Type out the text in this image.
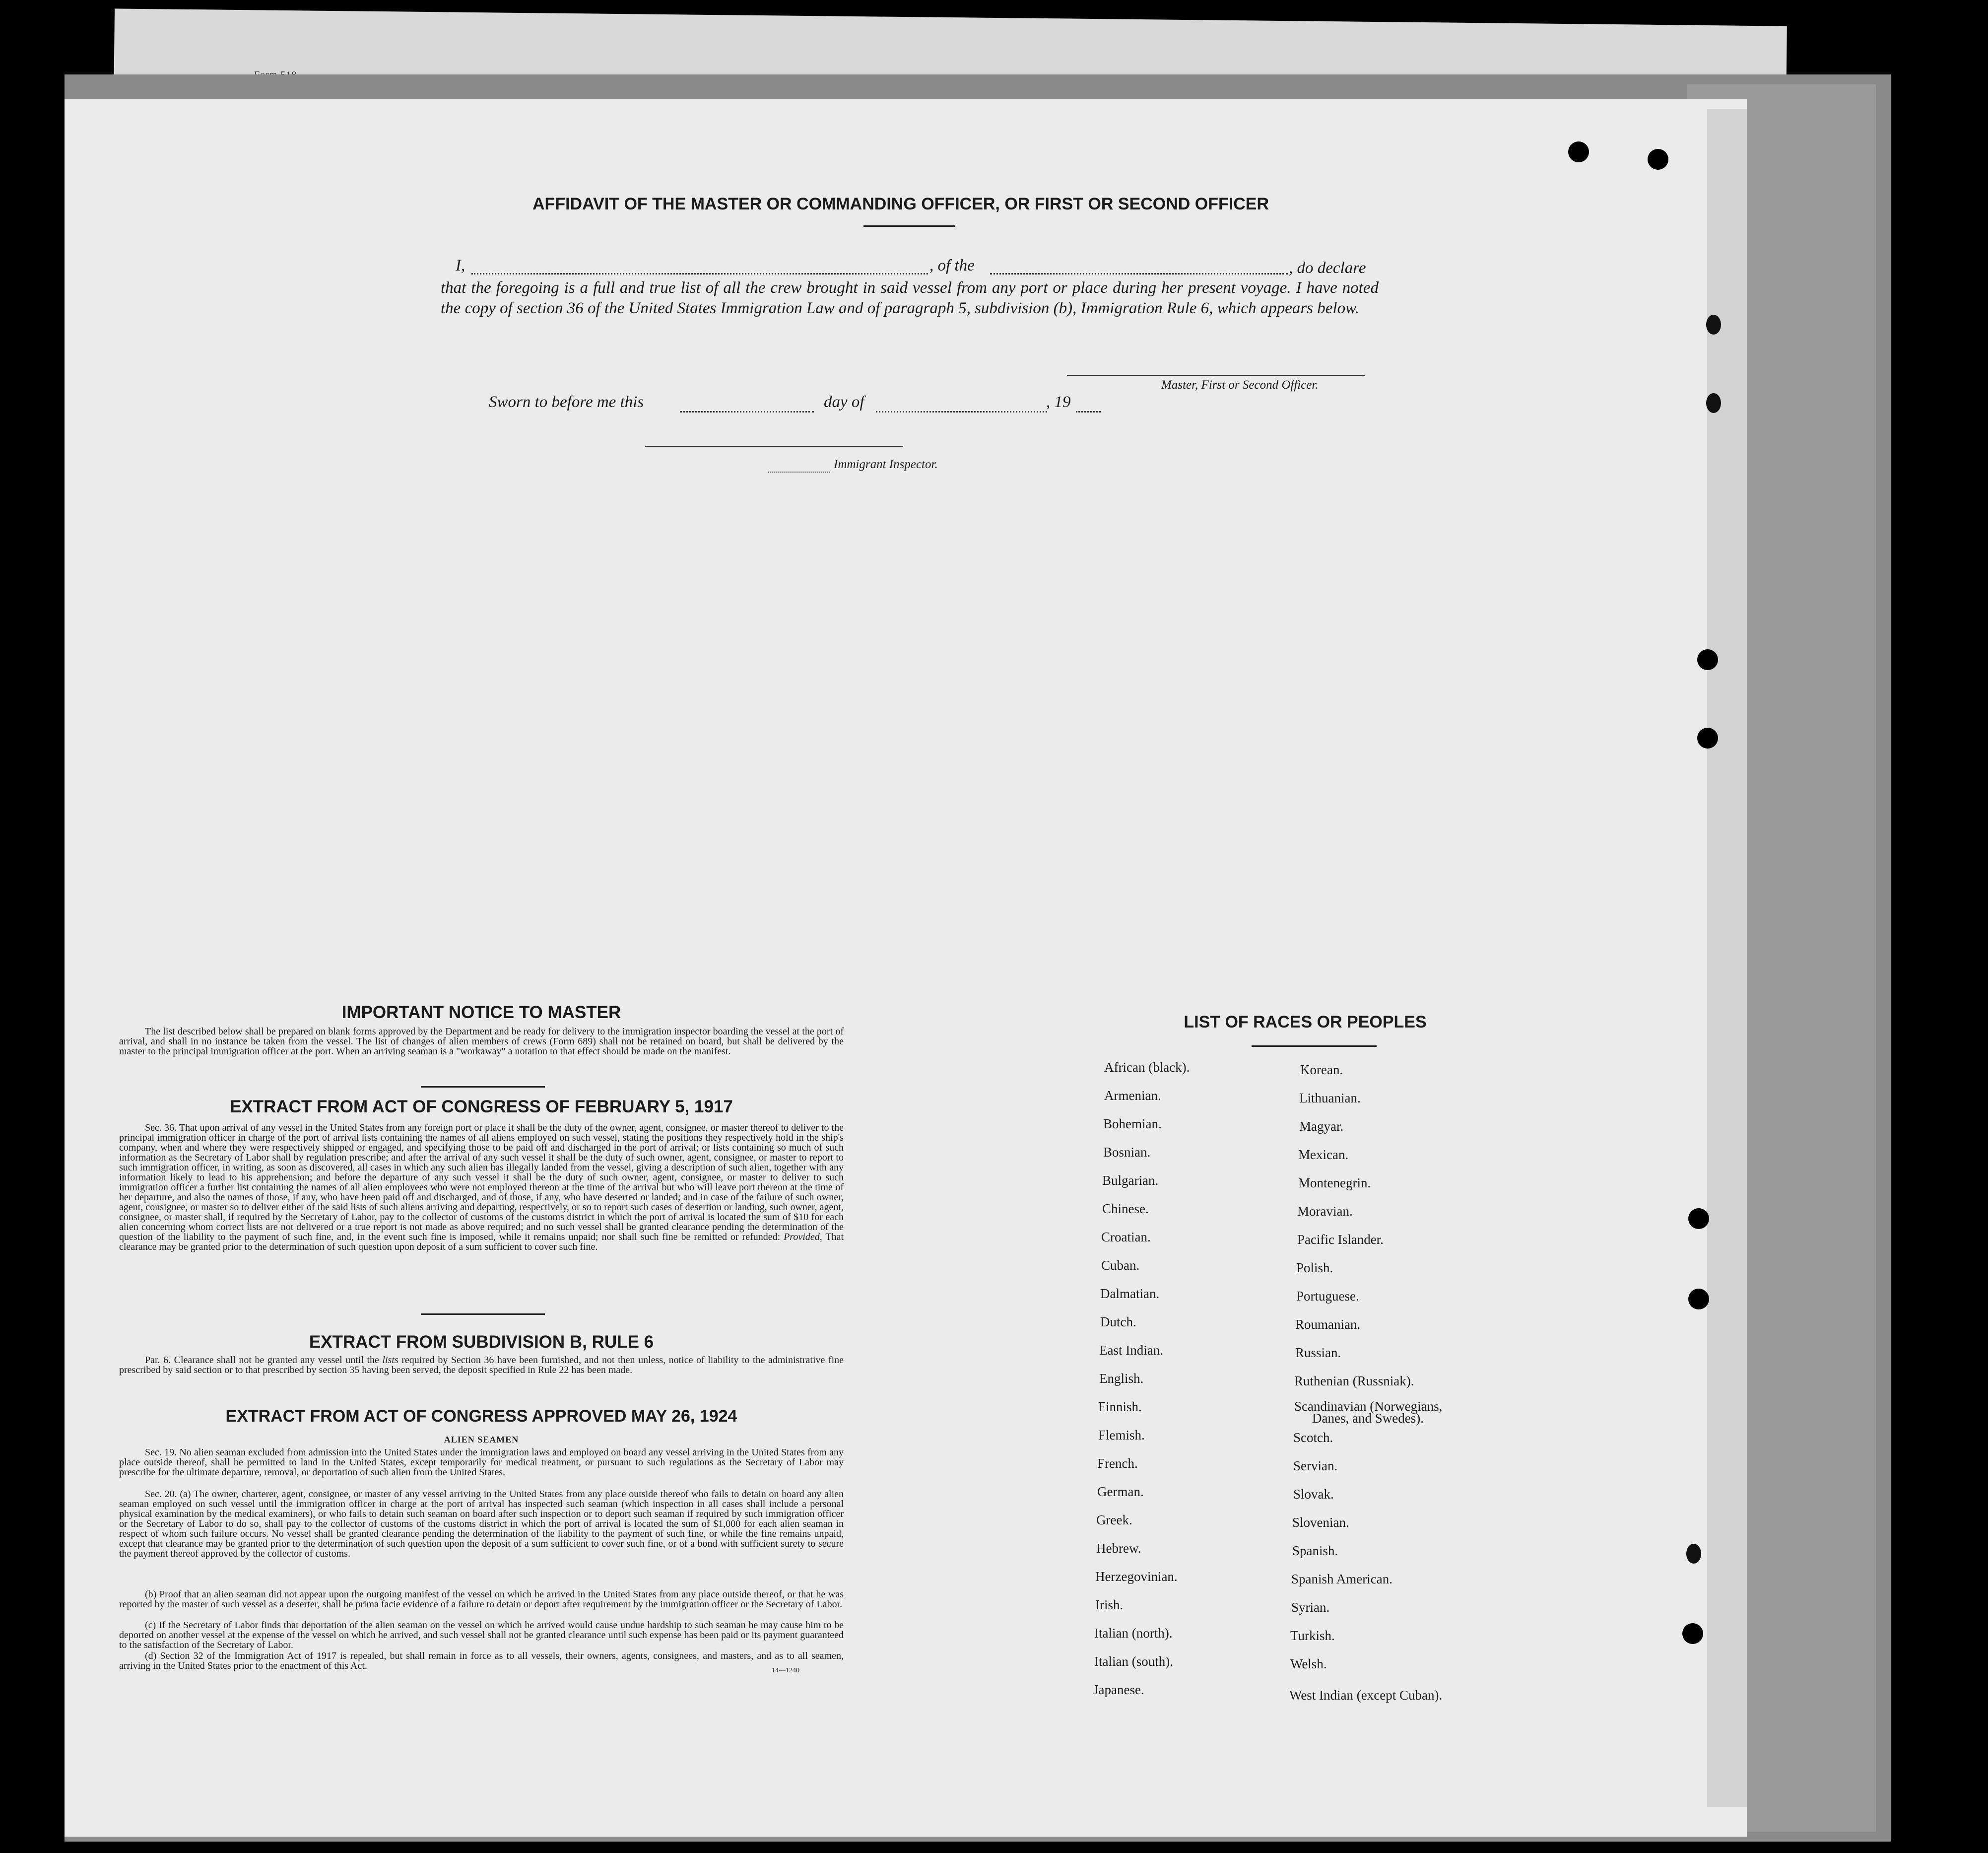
AFFIDAVIT OF THE MASTER OR COMMANDING OFFICER, OR FIRST OR SECOND OFFICER
I,	, of the	, do declare
that the foregoing is a full and true list of all the crew brought in said vessel from any port or place during her present voyage. I have noted the copy of section 36 of the United States Immigration Law and of paragraph 5, subdivision (b), Immigration Rule 6, which appears below.
Master, First or Second Officer.
Sworn to before me this	day of	, 19
Immigrant Inspector.
IMPORTANT NOTICE TO MASTER
The list described below shall be prepared on blank forms approved by the Department and be ready for delivery to the immigration inspector boarding the vessel at the port of arrival, and shall in no instance be taken from the vessel. The list of changes of alien members of crews (Form 689) shall not be retained on board, but shall be delivered by the master to the principal immigration officer at the port. When an arriving seaman is a "workaway" a notation to that effect should be made on the manifest.
EXTRACT FROM ACT OF CONGRESS OF FEBRUARY 5, 1917
Sec. 36. That upon arrival of any vessel in the United States from any foreign port or place it shall be the duty of the owner, agent, consignee, or master thereof to deliver to the principal immigration officer in charge of the port of arrival lists containing the names of all aliens employed on such vessel, stating the positions they respectively hold in the ship's company, when and where they were respectively shipped or engaged, and specifying those to be paid off and discharged in the port of arrival; or lists containing so much of such information as the Secretary of Labor shall by regulation prescribe; and after the arrival of any such vessel it shall be the duty of such owner, agent, consignee, or master to report to such immigration officer, in writing, as soon as discovered, all cases in which any such alien has illegally landed from the vessel, giving a description of such alien, together with any information likely to lead to his apprehension; and before the departure of any such vessel it shall be the duty of such owner, agent, consignee, or master to deliver to such immigration officer a further list containing the names of all alien employees who were not employed thereon at the time of the arrival but who will leave port thereon at the time of her departure, and also the names of those, if any, who have been paid off and discharged, and of those, if any, who have deserted or landed; and in case of the failure of such owner, agent, consignee, or master so to deliver either of the said lists of such aliens arriving and departing, respectively, or so to report such cases of desertion or landing, such owner, agent, consignee, or master shall, if required by the Secretary of Labor, pay to the collector of customs of the customs district in which the port of arrival is located the sum of $10 for each alien concerning whom correct lists are not delivered or a true report is not made as above required; and no such vessel shall be granted clearance pending the determination of the question of the liability to the payment of such fine, and, in the event such fine is imposed, while it remains unpaid; nor shall such fine be remitted or refunded: Provided, That clearance may be granted prior to the determination of such question upon deposit of a sum sufficient to cover such fine.
EXTRACT FROM SUBDIVISION B, RULE 6
Par. 6. Clearance shall not be granted any vessel until the lists required by Section 36 have been furnished, and not then unless, notice of liability to the administrative fine prescribed by said section or to that prescribed by section 35 having been served, the deposit specified in Rule 22 has been made.
EXTRACT FROM ACT OF CONGRESS APPROVED MAY 26, 1924
ALIEN SEAMEN
Sec. 19. No alien seaman excluded from admission into the United States under the immigration laws and employed on board any vessel arriving in the United States from any place outside thereof, shall be permitted to land in the United States, except temporarily for medical treatment, or pursuant to such regulations as the Secretary of Labor may prescribe for the ultimate departure, removal, or deportation of such alien from the United States.
Sec. 20. (a) The owner, charterer, agent, consignee, or master of any vessel arriving in the United States from any place outside thereof who fails to detain on board any alien seaman employed on such vessel until the immigration officer in charge at the port of arrival has inspected such seaman (which inspection in all cases shall include a personal physical examination by the medical examiners), or who fails to detain such seaman on board after such inspection or to deport such seaman if required by such immigration officer or the Secretary of Labor to do so, shall pay to the collector of customs of the customs district in which the port of arrival is located the sum of $1,000 for each alien seaman in respect of whom such failure occurs. No vessel shall be granted clearance pending the determination of the liability to the payment of such fine, or while the fine remains unpaid, except that clearance may be granted prior to the determination of such question upon the deposit of a sum sufficient to cover such fine, or of a bond with sufficient surety to secure the payment thereof approved by the collector of customs.
(b) Proof that an alien seaman did not appear upon the outgoing manifest of the vessel on which he arrived in the United States from any place outside thereof, or that he was reported by the master of such vessel as a deserter, shall be prima facie evidence of a failure to detain or deport after requirement by the immigration officer or the Secretary of Labor.
(c) If the Secretary of Labor finds that deportation of the alien seaman on the vessel on which he arrived would cause undue hardship to such seaman he may cause him to be deported on another vessel at the expense of the vessel on which he arrived, and such vessel shall not be granted clearance until such expense has been paid or its payment guaranteed to the satisfaction of the Secretary of Labor.
(d) Section 32 of the Immigration Act of 1917 is repealed, but shall remain in force as to all vessels, their owners, agents, consignees, and masters, and as to all seamen, arriving in the United States prior to the enactment of this Act.	14—1240
LIST OF RACES OR PEOPLES
African (black).
Armenian.
Bohemian.
Bosnian.
Bulgarian.
Chinese.
Croatian.
Cuban.
Dalmatian.
Dutch.
East Indian.
English.
Finnish.
Flemish.
French.
German.
Greek.
Hebrew.
Herzegovinian.
Irish.
Italian (north).
Italian (south).
Japanese.
Korean.
Lithuanian.
Magyar.
Mexican.
Montenegrin.
Moravian.
Pacific Islander.
Polish.
Portuguese.
Roumanian.
Russian.
Ruthenian (Russniak).
Scandinavian (Norwegians,
Danes, and Swedes).
Scotch.
Servian.
Slovak.
Slovenian.
Spanish.
Spanish American.
Syrian.
Turkish.
Welsh.
West Indian (except Cuban).
